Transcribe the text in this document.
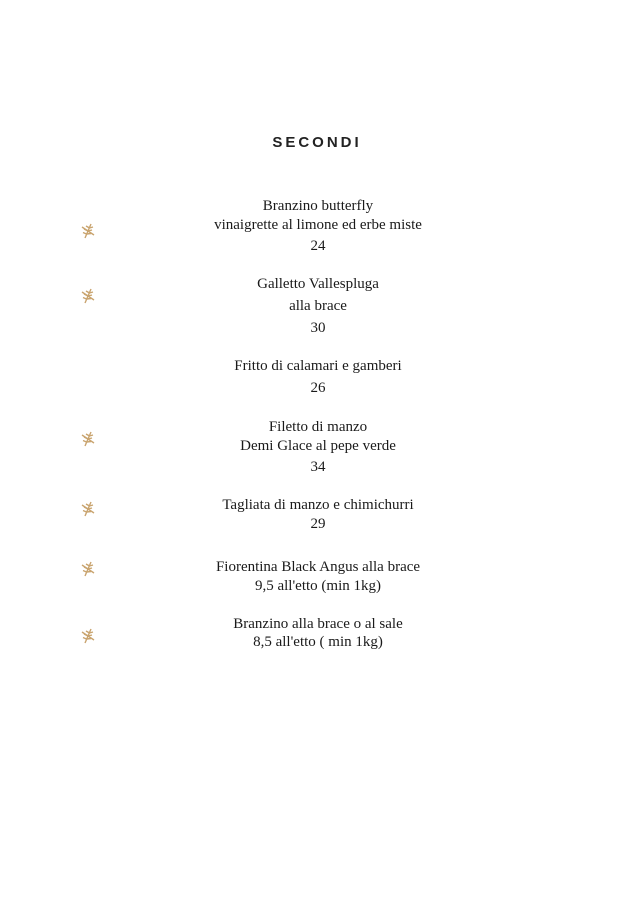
SECONDI
Branzino butterfly
vinaigrette al limone ed erbe miste
24
Galletto Vallespluga
alla brace
30
Fritto di calamari e gamberi
26
Filetto di manzo
Demi Glace al pepe verde
34
Tagliata di manzo e chimichurri
29
Fiorentina Black Angus alla brace
9,5 all'etto (min 1kg)
Branzino alla brace o al sale
8,5 all'etto ( min 1kg)
